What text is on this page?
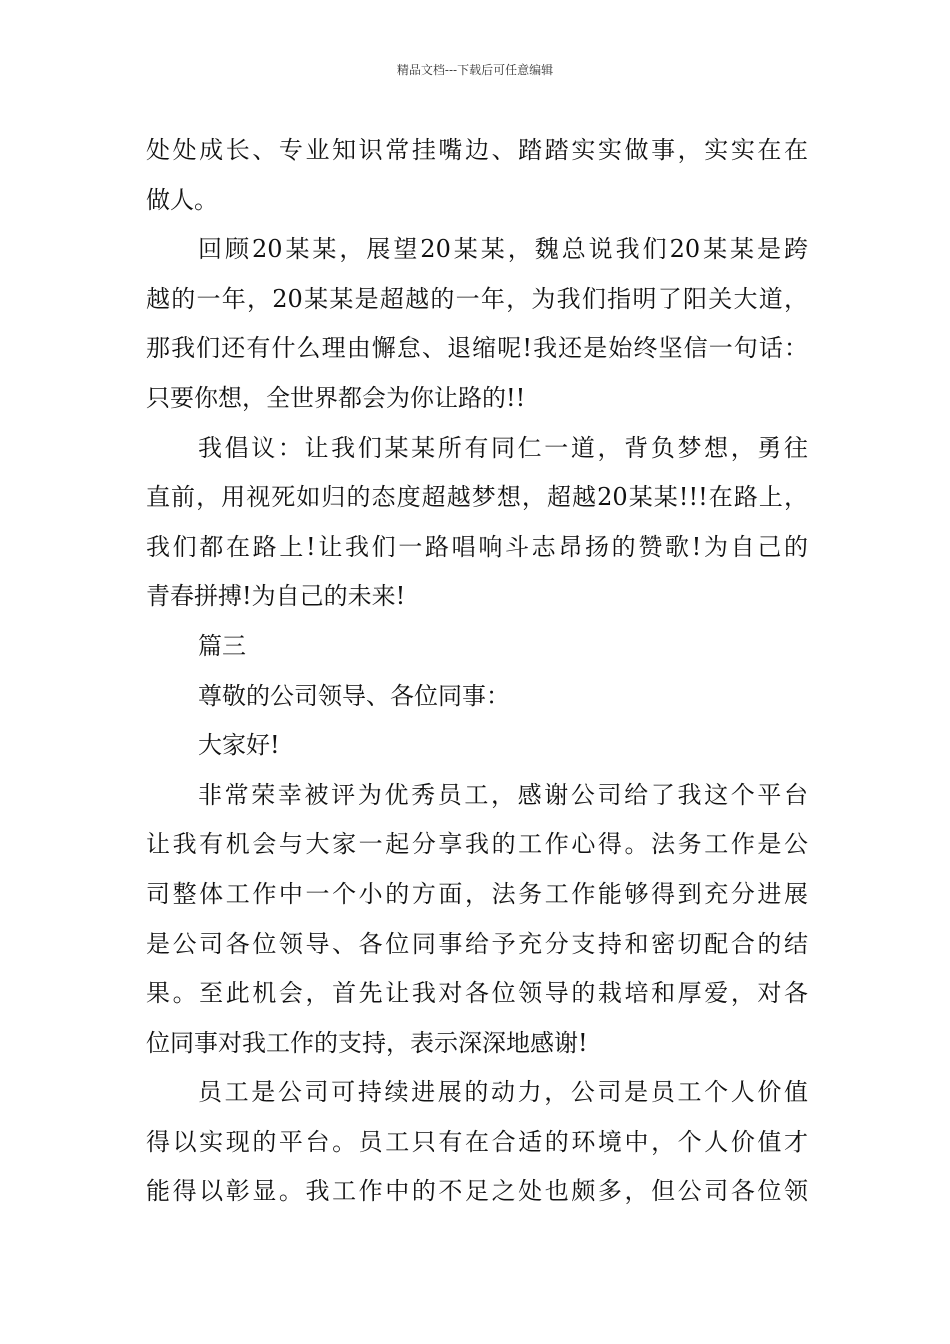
精品文档---下载后可任意编辑
处处成长、专业知识常挂嘴边、踏踏实实做事，实实在在
做人。
回顾20某某，展望20某某，魏总说我们20某某是跨
越的一年，20某某是超越的一年，为我们指明了阳关大道，
那我们还有什么理由懈怠、退缩呢!我还是始终坚信一句话：
只要你想，全世界都会为你让路的!!
我倡议：让我们某某所有同仁一道，背负梦想，勇往
直前，用视死如归的态度超越梦想，超越20某某!!!在路上，
我们都在路上!让我们一路唱响斗志昂扬的赞歌!为自己的
青春拼搏!为自己的未来!
篇三
尊敬的公司领导、各位同事：
大家好!
非常荣幸被评为优秀员工，感谢公司给了我这个平台
让我有机会与大家一起分享我的工作心得。法务工作是公
司整体工作中一个小的方面，法务工作能够得到充分进展
是公司各位领导、各位同事给予充分支持和密切配合的结
果。至此机会，首先让我对各位领导的栽培和厚爱，对各
位同事对我工作的支持，表示深深地感谢!
员工是公司可持续进展的动力，公司是员工个人价值
得以实现的平台。员工只有在合适的环境中，个人价值才
能得以彰显。我工作中的不足之处也颇多，但公司各位领
